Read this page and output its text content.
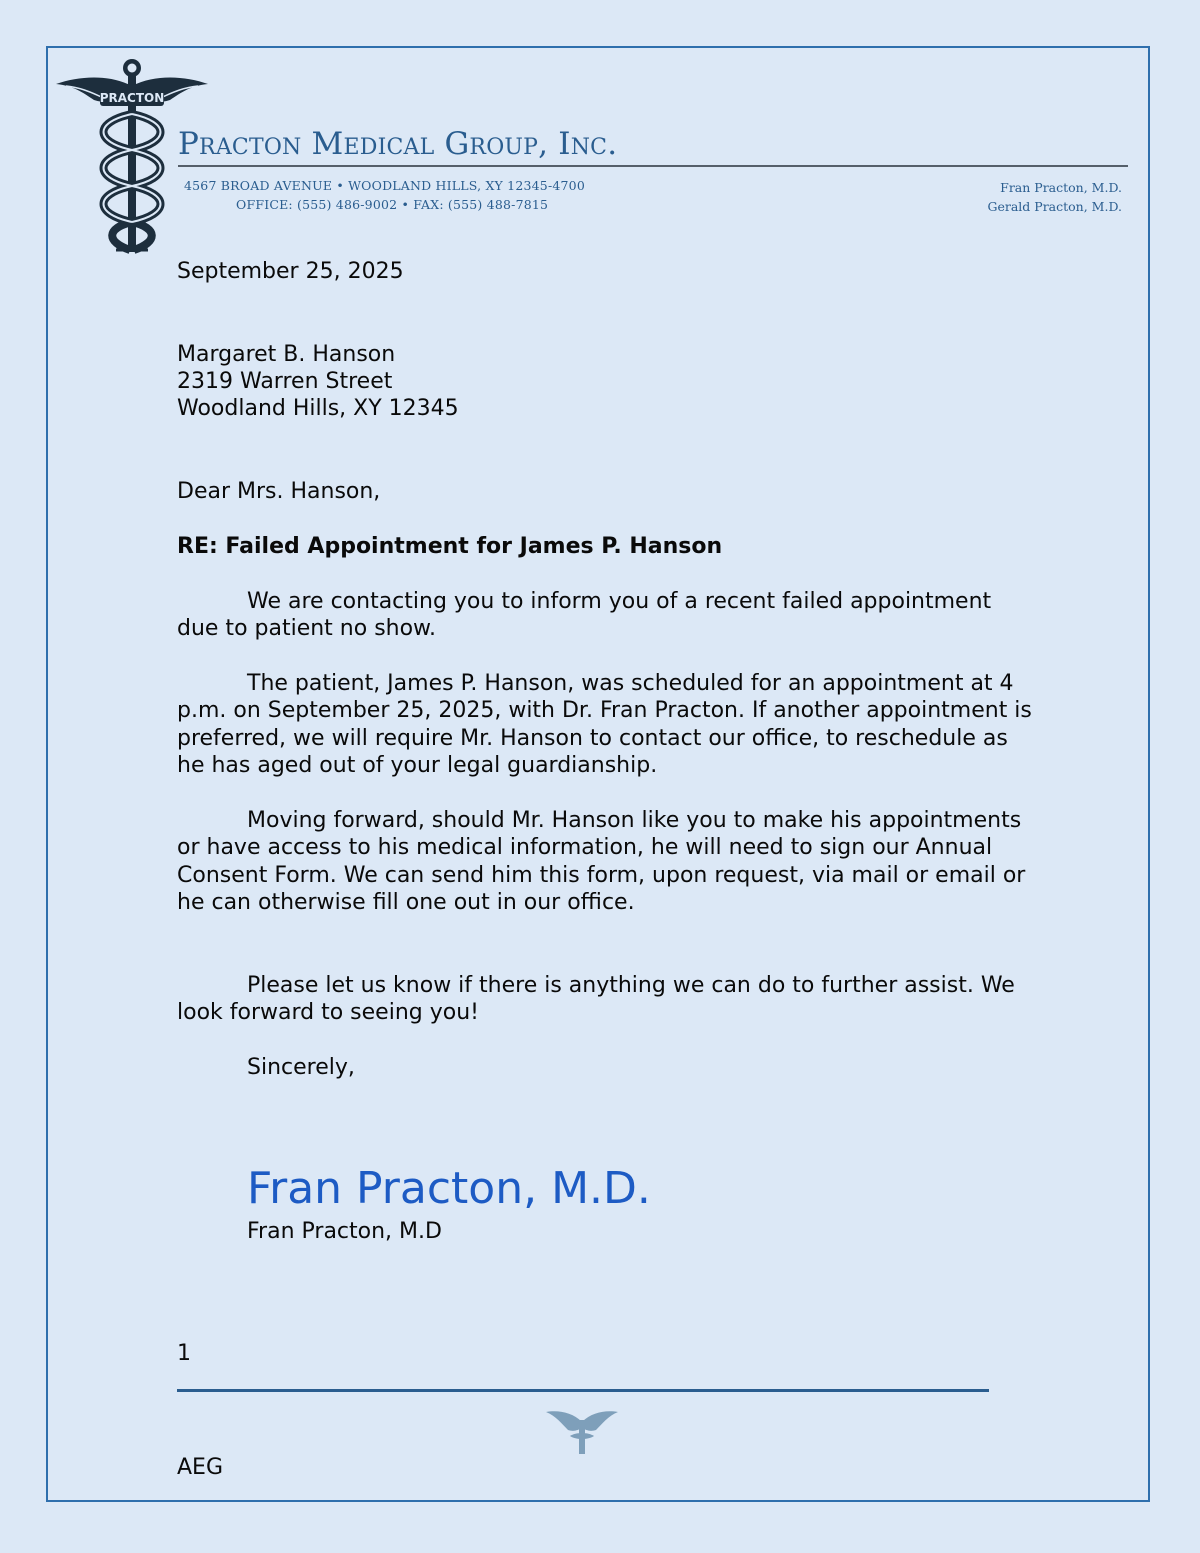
PRACTON
Practon Medical Group, Inc.
4567 BROAD AVENUE • WOODLAND HILLS, XY 12345-4700
OFFICE: (555) 486-9002 • FAX: (555) 488-7815
Fran Practon, M.D.
Gerald Practon, M.D.
September 25, 2025
Margaret B. Hanson
2319 Warren Street
Woodland Hills, XY 12345
Dear Mrs. Hanson,
RE: Failed Appointment for James P. Hanson
We are contacting you to inform you of a recent failed appointment due to patient no show.
The patient, James P. Hanson, was scheduled for an appointment at 4 p.m. on September 25, 2025, with Dr. Fran Practon. If another appointment is preferred, we will require Mr. Hanson to contact our office, to reschedule as he has aged out of your legal guardianship.
Moving forward, should Mr. Hanson like you to make his appointments or have access to his medical information, he will need to sign our Annual Consent Form. We can send him this form, upon request, via mail or email or he can otherwise fill one out in our office.
Please let us know if there is anything we can do to further assist. We look forward to seeing you!
Sincerely,
Fran Practon, M.D.
Fran Practon, M.D
1
AEG
